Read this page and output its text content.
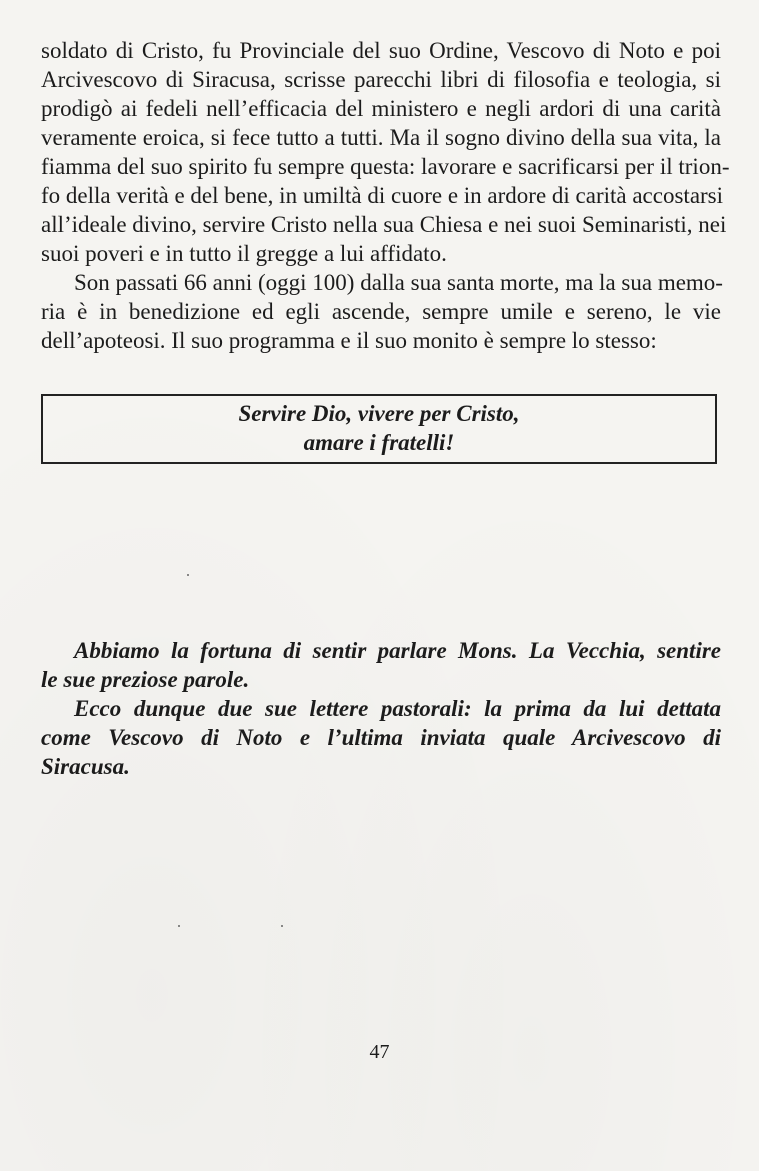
soldato di Cristo, fu Provinciale del suo Ordine, Vescovo di Noto e poi
Arcivescovo di Siracusa, scrisse parecchi libri di filosofia e teologia, si
prodigò ai fedeli nell’efficacia del ministero e negli ardori di una carità
veramente eroica, si fece tutto a tutti. Ma il sogno divino della sua vita, la
fiamma del suo spirito fu sempre questa: lavorare e sacrificarsi per il trion-
fo della verità e del bene, in umiltà di cuore e in ardore di carità accostarsi
all’ideale divino, servire Cristo nella sua Chiesa e nei suoi Seminaristi, nei
suoi poveri e in tutto il gregge a lui affidato.
Son passati 66 anni (oggi 100) dalla sua santa morte, ma la sua memo-
ria è in benedizione ed egli ascende, sempre umile e sereno, le vie
dell’apoteosi. Il suo programma e il suo monito è sempre lo stesso:
Servire Dio, vivere per Cristo,
amare i fratelli!
Abbiamo la fortuna di sentir parlare Mons. La Vecchia, sentire
le sue preziose parole.
Ecco dunque due sue lettere pastorali: la prima da lui dettata
come Vescovo di Noto e l’ultima inviata quale Arcivescovo di
Siracusa.
47
